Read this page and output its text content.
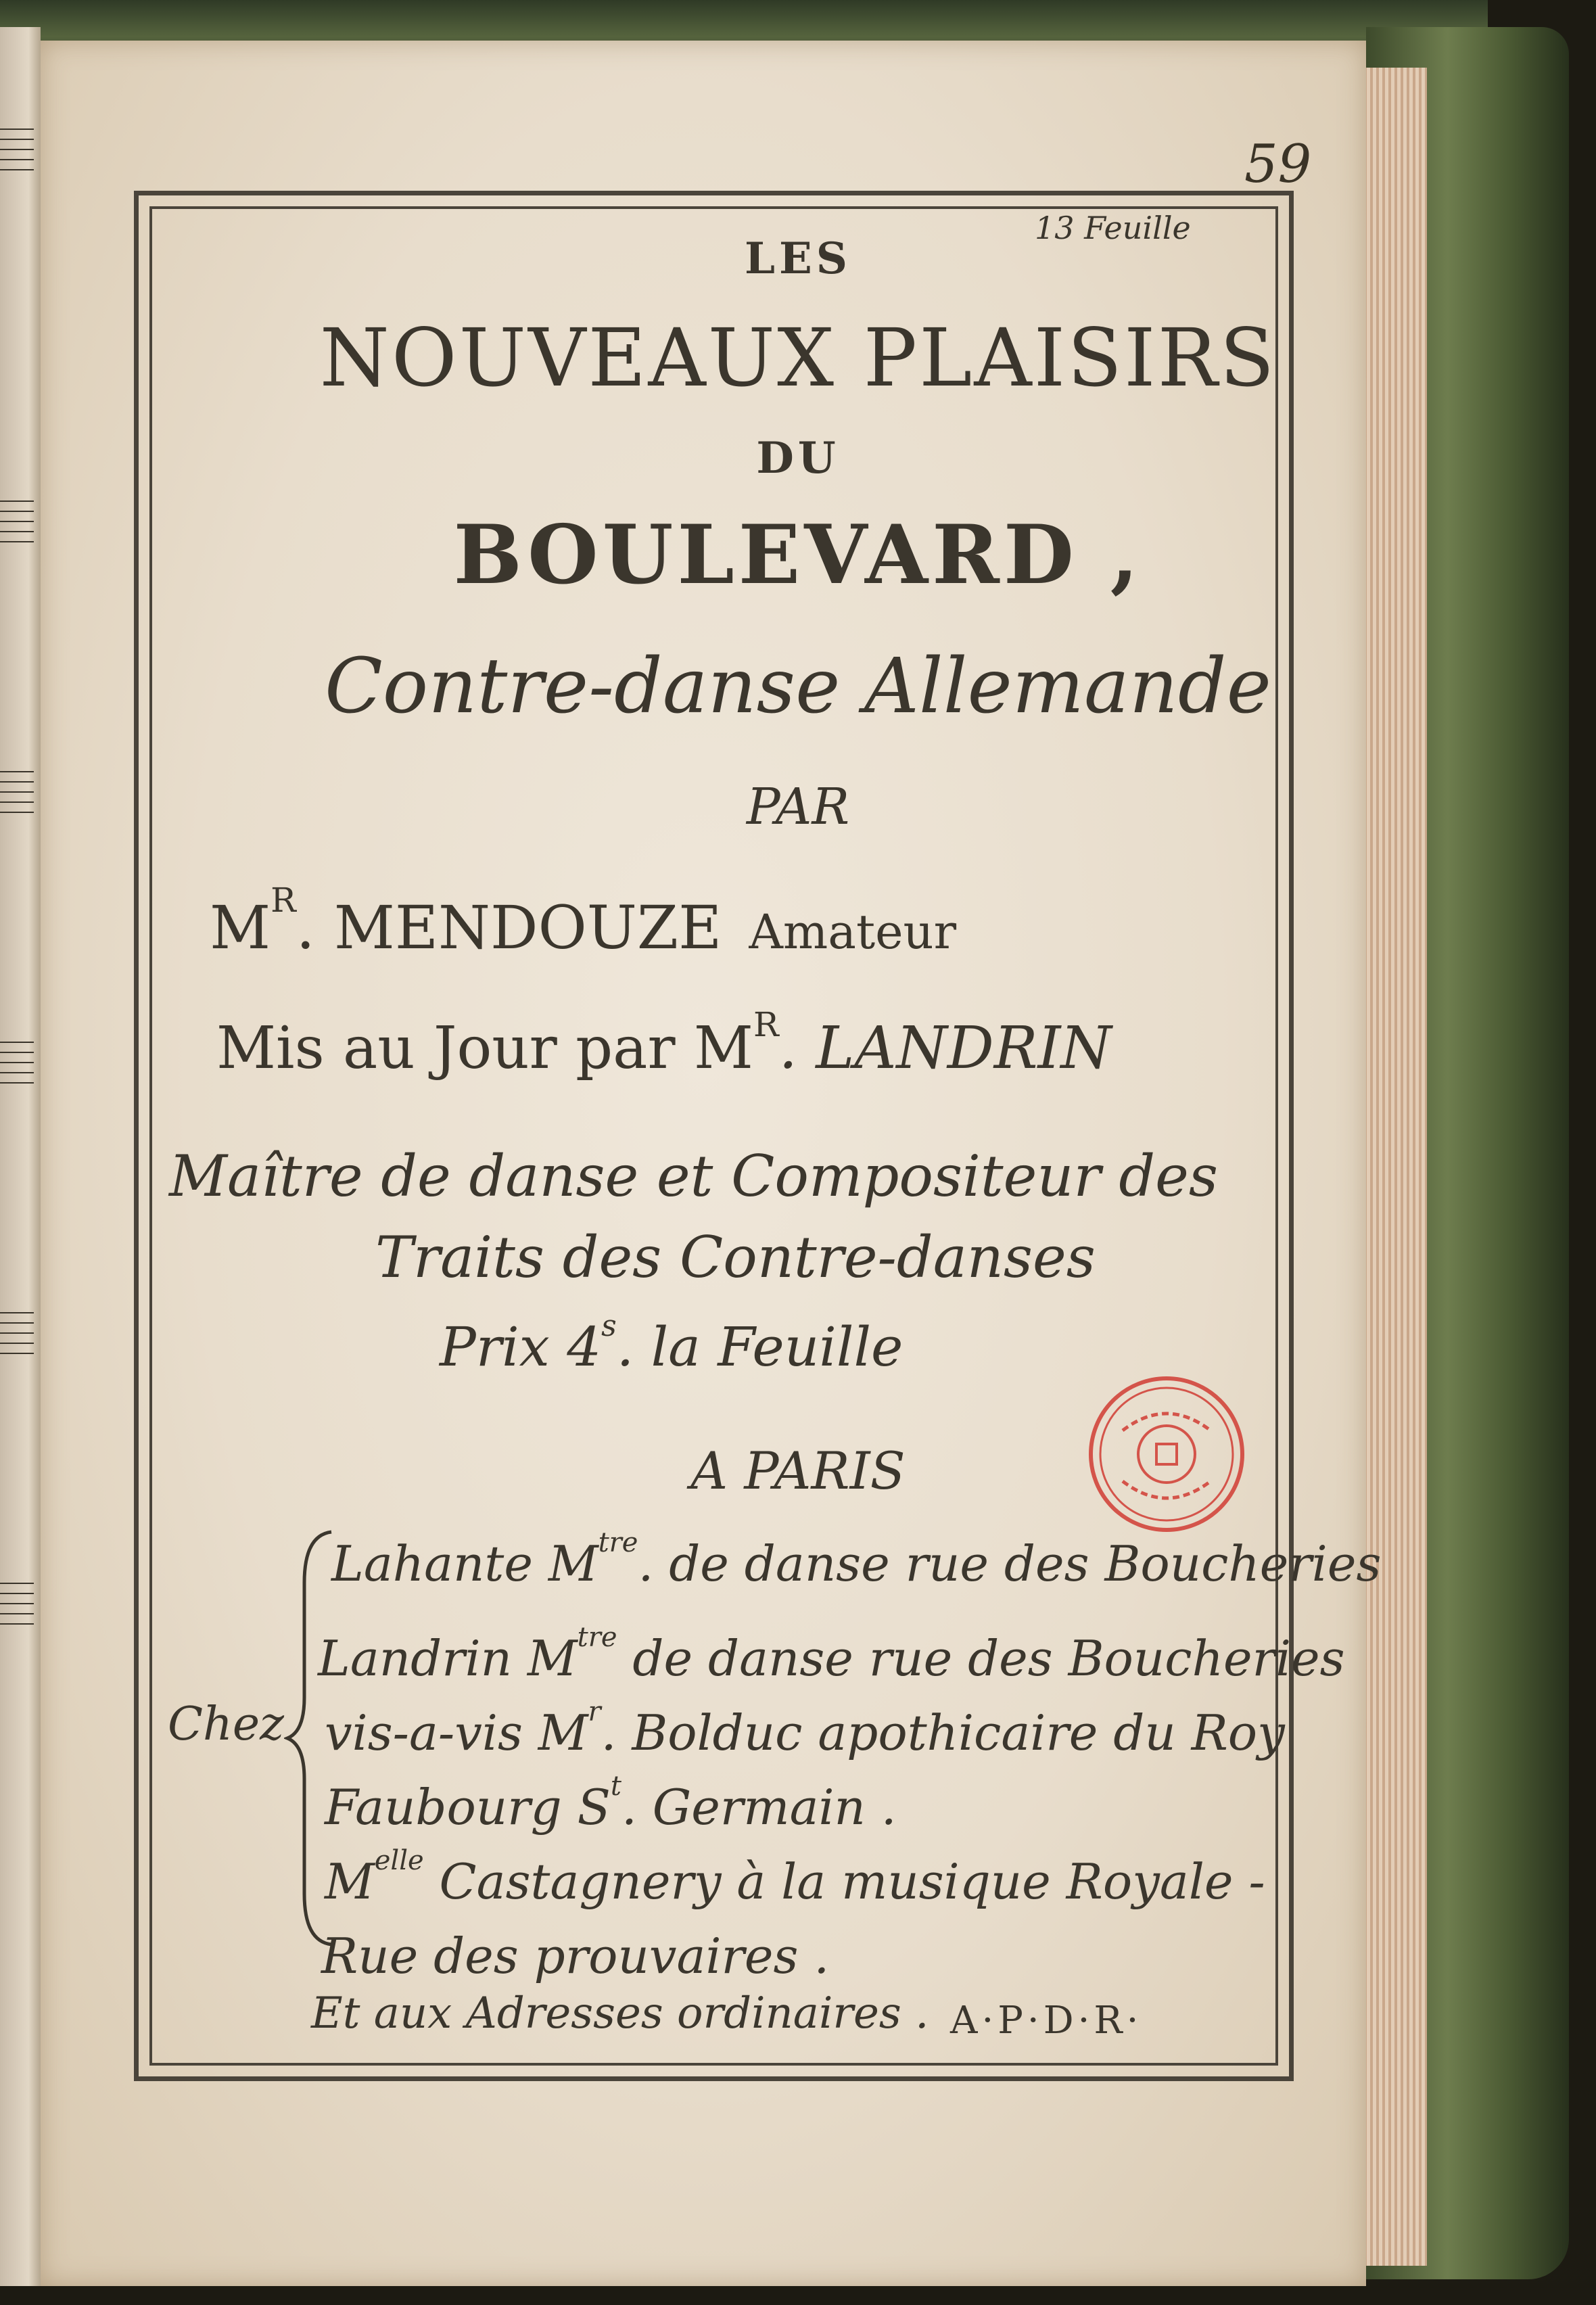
59
13 Feuille
LES
NOUVEAUX PLAISIRS
DU
BOULEVARD ,
Contre-danse Allemande
PAR
$M^R$. MENDOUZE Amateur
Mis au Jour par $M^R$. LANDRIN
Maître de danse et Compositeur des
Traits des Contre-danses
Prix 4$^s$. la Feuille
A PARIS
Chez
Lahante $M^{tre}$. de danse rue des Boucheries
Landrin $M^{tre}$ de danse rue des Boucheries
vis-a-vis $M^r$. Bolduc apothicaire du Roy
Faubourg $S^t$. Germain .
$M^{elle}$ Castagnery à la musique Royale -
Rue des prouvaires .
Et aux Adresses ordinaires . A·P·D·R·
